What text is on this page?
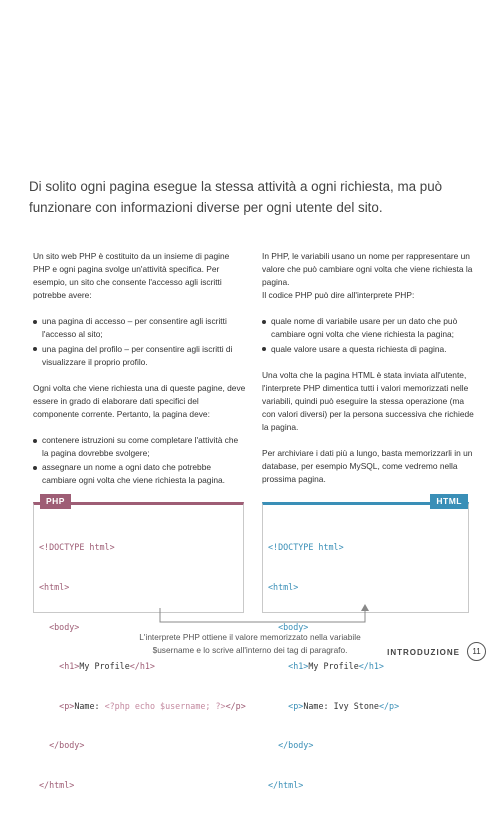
Di solito ogni pagina esegue la stessa attività a ogni richiesta, ma può funzionare con informazioni diverse per ogni utente del sito.

Un sito web PHP è costituito da un insieme di pagine PHP e ogni pagina svolge un'attività specifica. Per esempio, un sito che consente l'accesso agli iscritti potrebbe avere:

una pagina di accesso – per consentire agli iscritti l'accesso al sito;
una pagina del profilo – per consentire agli iscritti di visualizzare il proprio profilo.

Ogni volta che viene richiesta una di queste pagine, deve essere in grado di elaborare dati specifici del componente corrente. Pertanto, la pagina deve:

contenere istruzioni su come completare l'attività che la pagina dovrebbe svolgere;
assegnare un nome a ogni dato che potrebbe cambiare ogni volta che viene richiesta la pagina.

In PHP, le variabili usano un nome per rappresentare un valore che può cambiare ogni volta che viene richiesta la pagina.

Il codice PHP può dire all'interprete PHP:

quale nome di variabile usare per un dato che può cambiare ogni volta che viene richiesta la pagina;
quale valore usare a questa richiesta di pagina.

Una volta che la pagina HTML è stata inviata all'utente, l'interprete PHP dimentica tutti i valori memorizzati nelle variabili, quindi può eseguire la stessa operazione (ma con valori diversi) per la persona successiva che richiede la pagina.

Per archiviare i dati più a lungo, basta memorizzarli in un database, per esempio MySQL, come vedremo nella prossima pagina.

PHP

<!DOCTYPE html>

<html>

<body>

<h1>My Profile</h1>

<p>Name: <?php echo $username; ?></p>

</body>

</html>

HTML

<!DOCTYPE html>

<html>

<body>

<h1>My Profile</h1>

<p>Name: Ivy Stone</p>

</body>

</html>

L'interprete PHP ottiene il valore memorizzato nella variabile
$username e lo scrive all'interno dei tag di paragrafo.	INTRODUZIONE	11
